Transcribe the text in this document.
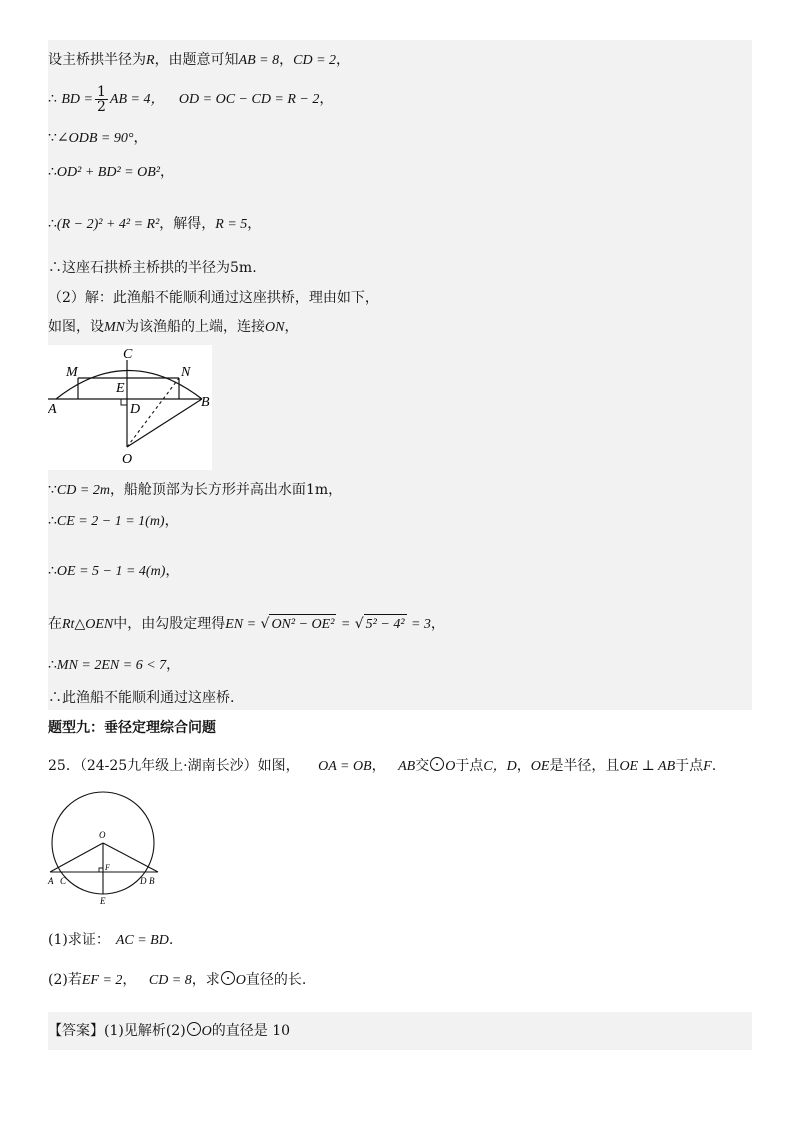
设主桥拱半径为R，由题意可知AB = 8，CD = 2，
∴ BD = $\frac{1}{2}$ AB = 4， OD = OC − CD = R − 2，
∵∠ODB = 90°，
∴OD² + BD² = OB²，
∴(R − 2)² + 4² = R²，解得，R = 5，
∴这座石拱桥主桥拱的半径为5m.
（2）解：此渔船不能顺利通过这座拱桥，理由如下，
如图，设MN为该渔船的上端，连接ON，
C
M	N
E
A	D	B
O
∵CD = 2m，船舱顶部为长方形并高出水面1m，
∴CE = 2 − 1 = 1(m)，
∴OE = 5 − 1 = 4(m)，
在Rt△OEN中，由勾股定理得EN = √ ON² − OE² = √ 5² − 4² = 3，
∴MN = 2EN = 6 < 7，
∴此渔船不能顺利通过这座桥.
题型九：垂径定理综合问题
25．（24-25九年级上·湖南长沙）如图， OA = OB， AB交 O于点C，D，OE是半径，且OE ⊥ AB于点F.
O
F
A C	D B
E
(1)求证： AC = BD.
(2)若EF = 2， CD = 8，求 O直径的长.
【答案】(1)见解析(2) O的直径是 10
